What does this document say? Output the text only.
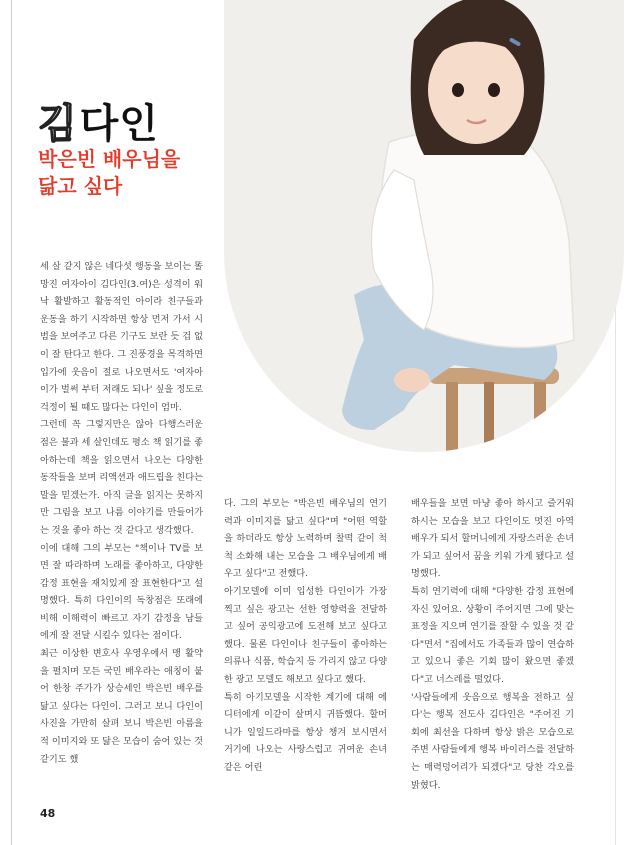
김 다인
박은빈 배우님을
닮고 싶다

세 살 같지 않은 네다섯 행동을 보이는 똘망진 여자아이 김다인(3.여)은 성격이 워낙 활발하고 활동적인 아이라 친구들과 운동을 하기 시작하면 항상 먼저 가서 시범을 보여주고 다른 기구도 보란 듯 겁 없이 잘 탄다고 한다. 그 진풍경을 목격하면 입가에 웃음이 절로 나오면서도 '여자아이가 벌써 부터 저래도 되나' 싶을 정도로 걱정이 될 때도 많다는 다인이 엄마.

그런데 꼭 그렇지만은 않아 다행스러운 점은 불과 세 살인데도 평소 책 읽기를 좋아하는데 책을 읽으면서 나오는 다양한 동작들을 보며 리액션과 애드립을 친다는 말을 믿겠는가. 아직 글을 읽지는 못하지만 그림을 보고 나름 이야기를 만들어가는 것을 좋아 하는 것 같다고 생각했다.

이에 대해 그의 부모는 "책이나 TV를 보면 잘 따라하며 노래를 좋아하고, 다양한 감정 표현을 재치있게 잘 표현한다"고 설명했다. 특히 다인이의 독창점은 또래에 비해 이해력이 빠르고 자기 감정을 남들에게 잘 전달 시킬수 있다는 점이다.

최근 이상한 변호사 우영우에서 맹 활약을 펼치며 모든 국민 배우라는 애칭이 붙어 한창 주가가 상승세인 박은빈 배우를 닮고 싶다는 다인이. 그러고 보니 다인이 사진을 가만히 살펴 보니 박은빈 아름을 적 이미지와 또 닮은 모습이 숨어 있는 것 같기도 했

다. 그의 부모는 "박은빈 배우님의 연기력과 이미지를 닮고 싶다"며 "어떤 역할을 하더라도 항상 노력하며 찰떡 같이 척척 소화해 내는 모습을 그 배우님에게 배우고 싶다"고 전했다.

아기모델에 이미 입성한 다인이가 가장 찍고 싶은 광고는 선한 영향력을 전달하고 싶어 공익광고에 도전해 보고 싶다고 했다. 물론 다인이나 친구들이 좋아하는 의류나 식품, 학습지 등 가리지 않고 다양한 광고 모델도 해보고 싶다고 했다.

특히 아기모델을 시작한 계기에 대해 에디터에게 이같이 살며시 귀뜸했다. 할머니가 일일드라마를 항상 챙겨 보시면서 거기에 나오는 사랑스럽고 귀여운 손녀 같은 어린

배우들을 보면 마냥 좋아 하시고 즐거워 하시는 모습을 보고 다인이도 멋진 아역배우가 되서 할머니에게 자랑스러운 손녀가 되고 싶어서 꿈을 키워 가게 됐다고 설명했다.

특히 연기력에 대해 "다양한 감정 표현에 자신 있어요. 상황이 주어지면 그에 맞는 표정을 지으며 연기를 잘할 수 있을 것 같다"면서 "집에서도 가족들과 많이 연습하고 있으니 좋은 기회 많이 왔으면 좋겠다"고 너스레를 떨었다.

'사람들에게 웃음으로 행복을 전하고 싶다'는 행복 전도사 김다인은 "주어진 기회에 최선을 다하며 항상 밝은 모습으로 주변 사람들에게 행복 바이러스를 전달하는 매력덩어리가 되겠다"고 당찬 각오를 밝혔다.

48
